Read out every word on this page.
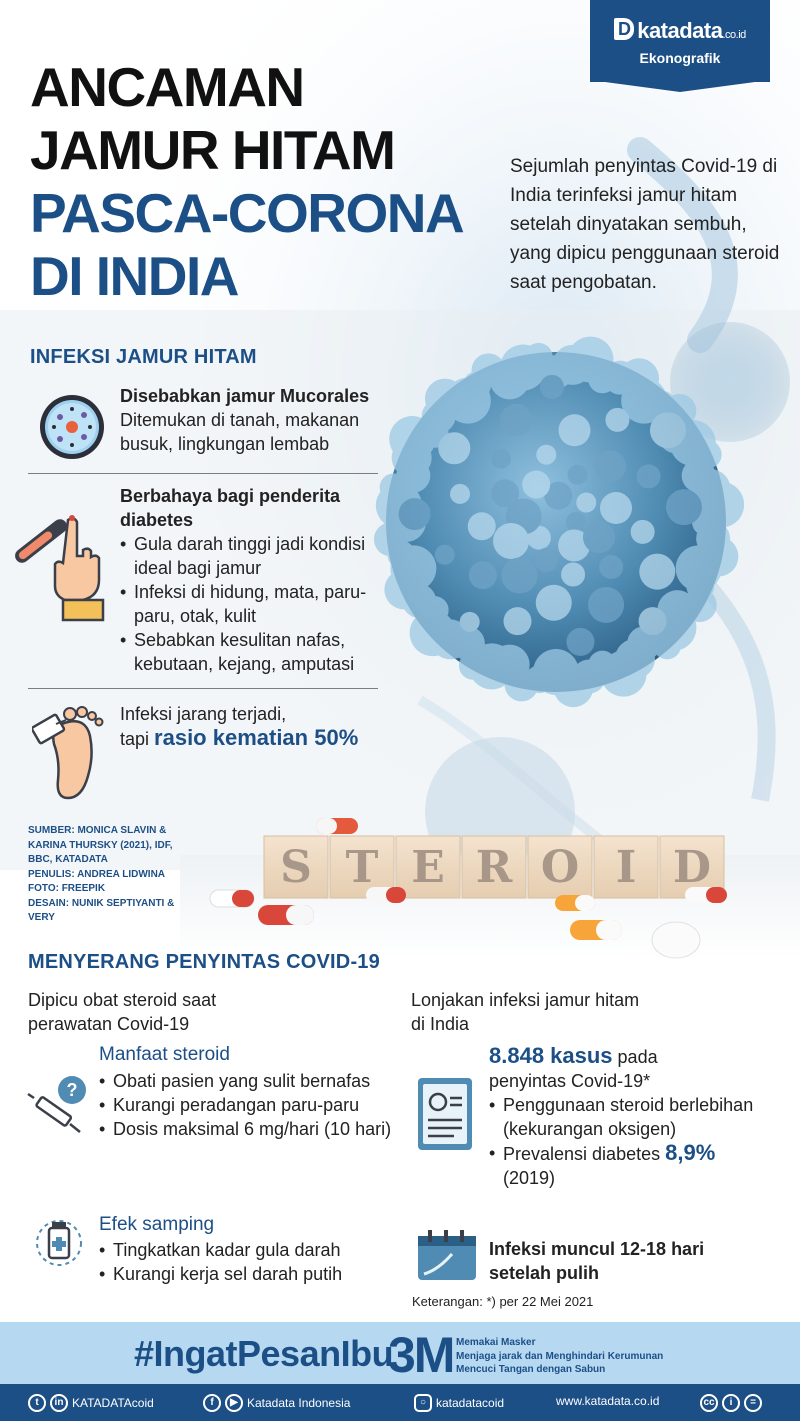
D katadata.co.id
Ekonografik
ANCAMAN
JAMUR HITAM
PASCA-CORONA
DI INDIA

Sejumlah penyintas Covid-19 di India terinfeksi jamur hitam setelah dinyatakan sembuh, yang dipicu penggunaan steroid saat pengobatan.

INFEKSI JAMUR HITAM
Disebabkan jamur Mucorales
Ditemukan di tanah, makanan busuk, lingkungan lembab
Berbahaya bagi penderita diabetes
• Gula darah tinggi jadi kondisi ideal bagi jamur
• Infeksi di hidung, mata, paru-paru, otak, kulit
• Sebabkan kesulitan nafas, kebutaan, kejang, amputasi
Infeksi jarang terjadi,
tapi rasio kematian 50%
SUMBER: MONICA SLAVIN & KARINA THURSKY (2021), IDF, BBC, KATADATA
PENULIS: ANDREA LIDWINA
FOTO: FREEPIK
DESAIN: NUNIK SEPTIYANTI & VERY
S T E R O I D
MENYERANG PENYINTAS COVID-19
Dipicu obat steroid saat perawatan Covid-19
?
Manfaat steroid
• Obati pasien yang sulit bernafas
• Kurangi peradangan paru-paru
• Dosis maksimal 6 mg/hari (10 hari)
Efek samping
• Tingkatkan kadar gula darah
• Kurangi kerja sel darah putih
Lonjakan infeksi jamur hitam di India
8.848 kasus pada
penyintas Covid-19*
• Penggunaan steroid berlebihan (kekurangan oksigen)
• Prevalensi diabetes 8,9%
(2019)
Infeksi muncul 12-18 hari setelah pulih
Keterangan: *) per 22 Mei 2021
#IngatPesanIbu
3M Memakai Masker
Menjaga jarak dan Menghindari Kerumunan
Mencuci Tangan dengan Sabun
t	in KATADATAcoid	f	▶ Katadata Indonesia	○ katadatacoid	www.katadata.co.id	cc	i	=
